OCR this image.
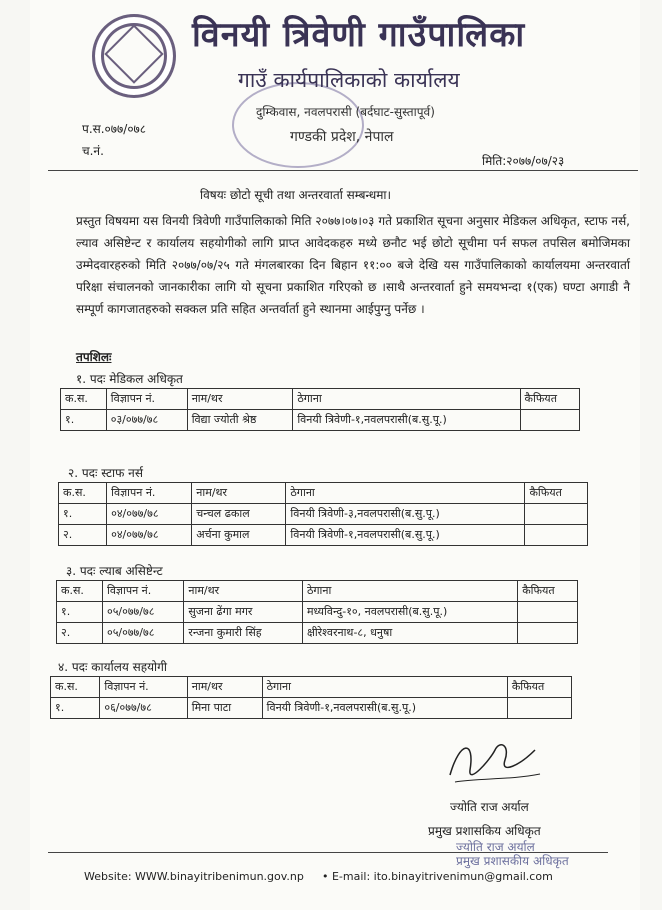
विनयी त्रिवेणी गाउँपालिका
गाउँ कार्यपालिकाको कार्यालय
दुम्किवास, नवलपरासी (बर्दघाट-सुस्तापूर्व)
गण्डकी प्रदेश, नेपाल
प.स.०७७/०७८
च.नं.
मिति:२०७७/०७/२३
विषयः छोटो सूची तथा अन्तरवार्ता सम्बन्धमा।
प्रस्तुत विषयमा यस विनयी त्रिवेणी गाउँपालिकाको मिति २०७७।०७।०३ गते प्रकाशित सूचना अनुसार मेडिकल अधिकृत, स्टाफ नर्स, ल्याव असिष्टेन्ट र कार्यालय सहयोगीको लागि प्राप्त आवेदकहरु मध्ये छनौट भई छोटो सूचीमा पर्न सफल तपसिल बमोजिमका उम्मेदवारहरुको मिति २०७७/०७/२५ गते मंगलबारका दिन बिहान ११:०० बजे देखि यस गाउँपालिकाको कार्यालयमा अन्तरवार्ता परिक्षा संचालनको जानकारीका लागि यो सूचना प्रकाशित गरिएको छ ।साथै अन्तरवार्ता हुने समयभन्दा १(एक) घण्टा अगाडी नै सम्पूर्ण कागजातहरुको सक्कल प्रति सहित अन्तर्वार्ता हुने स्थानमा आईपुग्नु पर्नेछ ।
तपशिलः
१. पदः मेडिकल अधिकृत
क.स.	विज्ञापन नं.	नाम/थर	ठेगाना	कैफियत
१.	०३/०७७/७८	विद्या ज्योती श्रेष्ठ	विनयी त्रिवेणी-१,नवलपरासी(ब.सु.पू.)	
२. पदः स्टाफ नर्स
क.स.	विज्ञापन नं.	नाम/थर	ठेगाना	कैफियत
१.	०४/०७७/७८	चन्चल ढकाल	विनयी त्रिवेणी-३,नवलपरासी(ब.सु.पू.)	
२.	०४/०७७/७८	अर्चना कुमाल	विनयी त्रिवेणी-१,नवलपरासी(ब.सु.पू.)	
३. पदः ल्याब असिष्टेन्ट
क.स.	विज्ञापन नं.	नाम/थर	ठेगाना	कैफियत
१.	०५/०७७/७८	सुजना ढेंगा मगर	मध्यविन्दु-१०, नवलपरासी(ब.सु.पू.)	
२.	०५/०७७/७८	रन्जना कुमारी सिंह	क्षीरेश्वरनाथ-८, धनुषा	
४. पदः कार्यालय सहयोगी
क.स.	विज्ञापन नं.	नाम/थर	ठेगाना	कैफियत
१.	०६/०७७/७८	मिना पाटा	विनयी त्रिवेणी-१,नवलपरासी(ब.सु.पू.)	
ज्योति राज अर्याल
प्रमुख प्रशासकिय अधिकृत
ज्योति राज अर्याल
प्रमुख प्रशासकीय अधिकृत
Website: WWW.binayitribenimun.gov.np • E-mail: ito.binayitrivenimun@gmail.com
